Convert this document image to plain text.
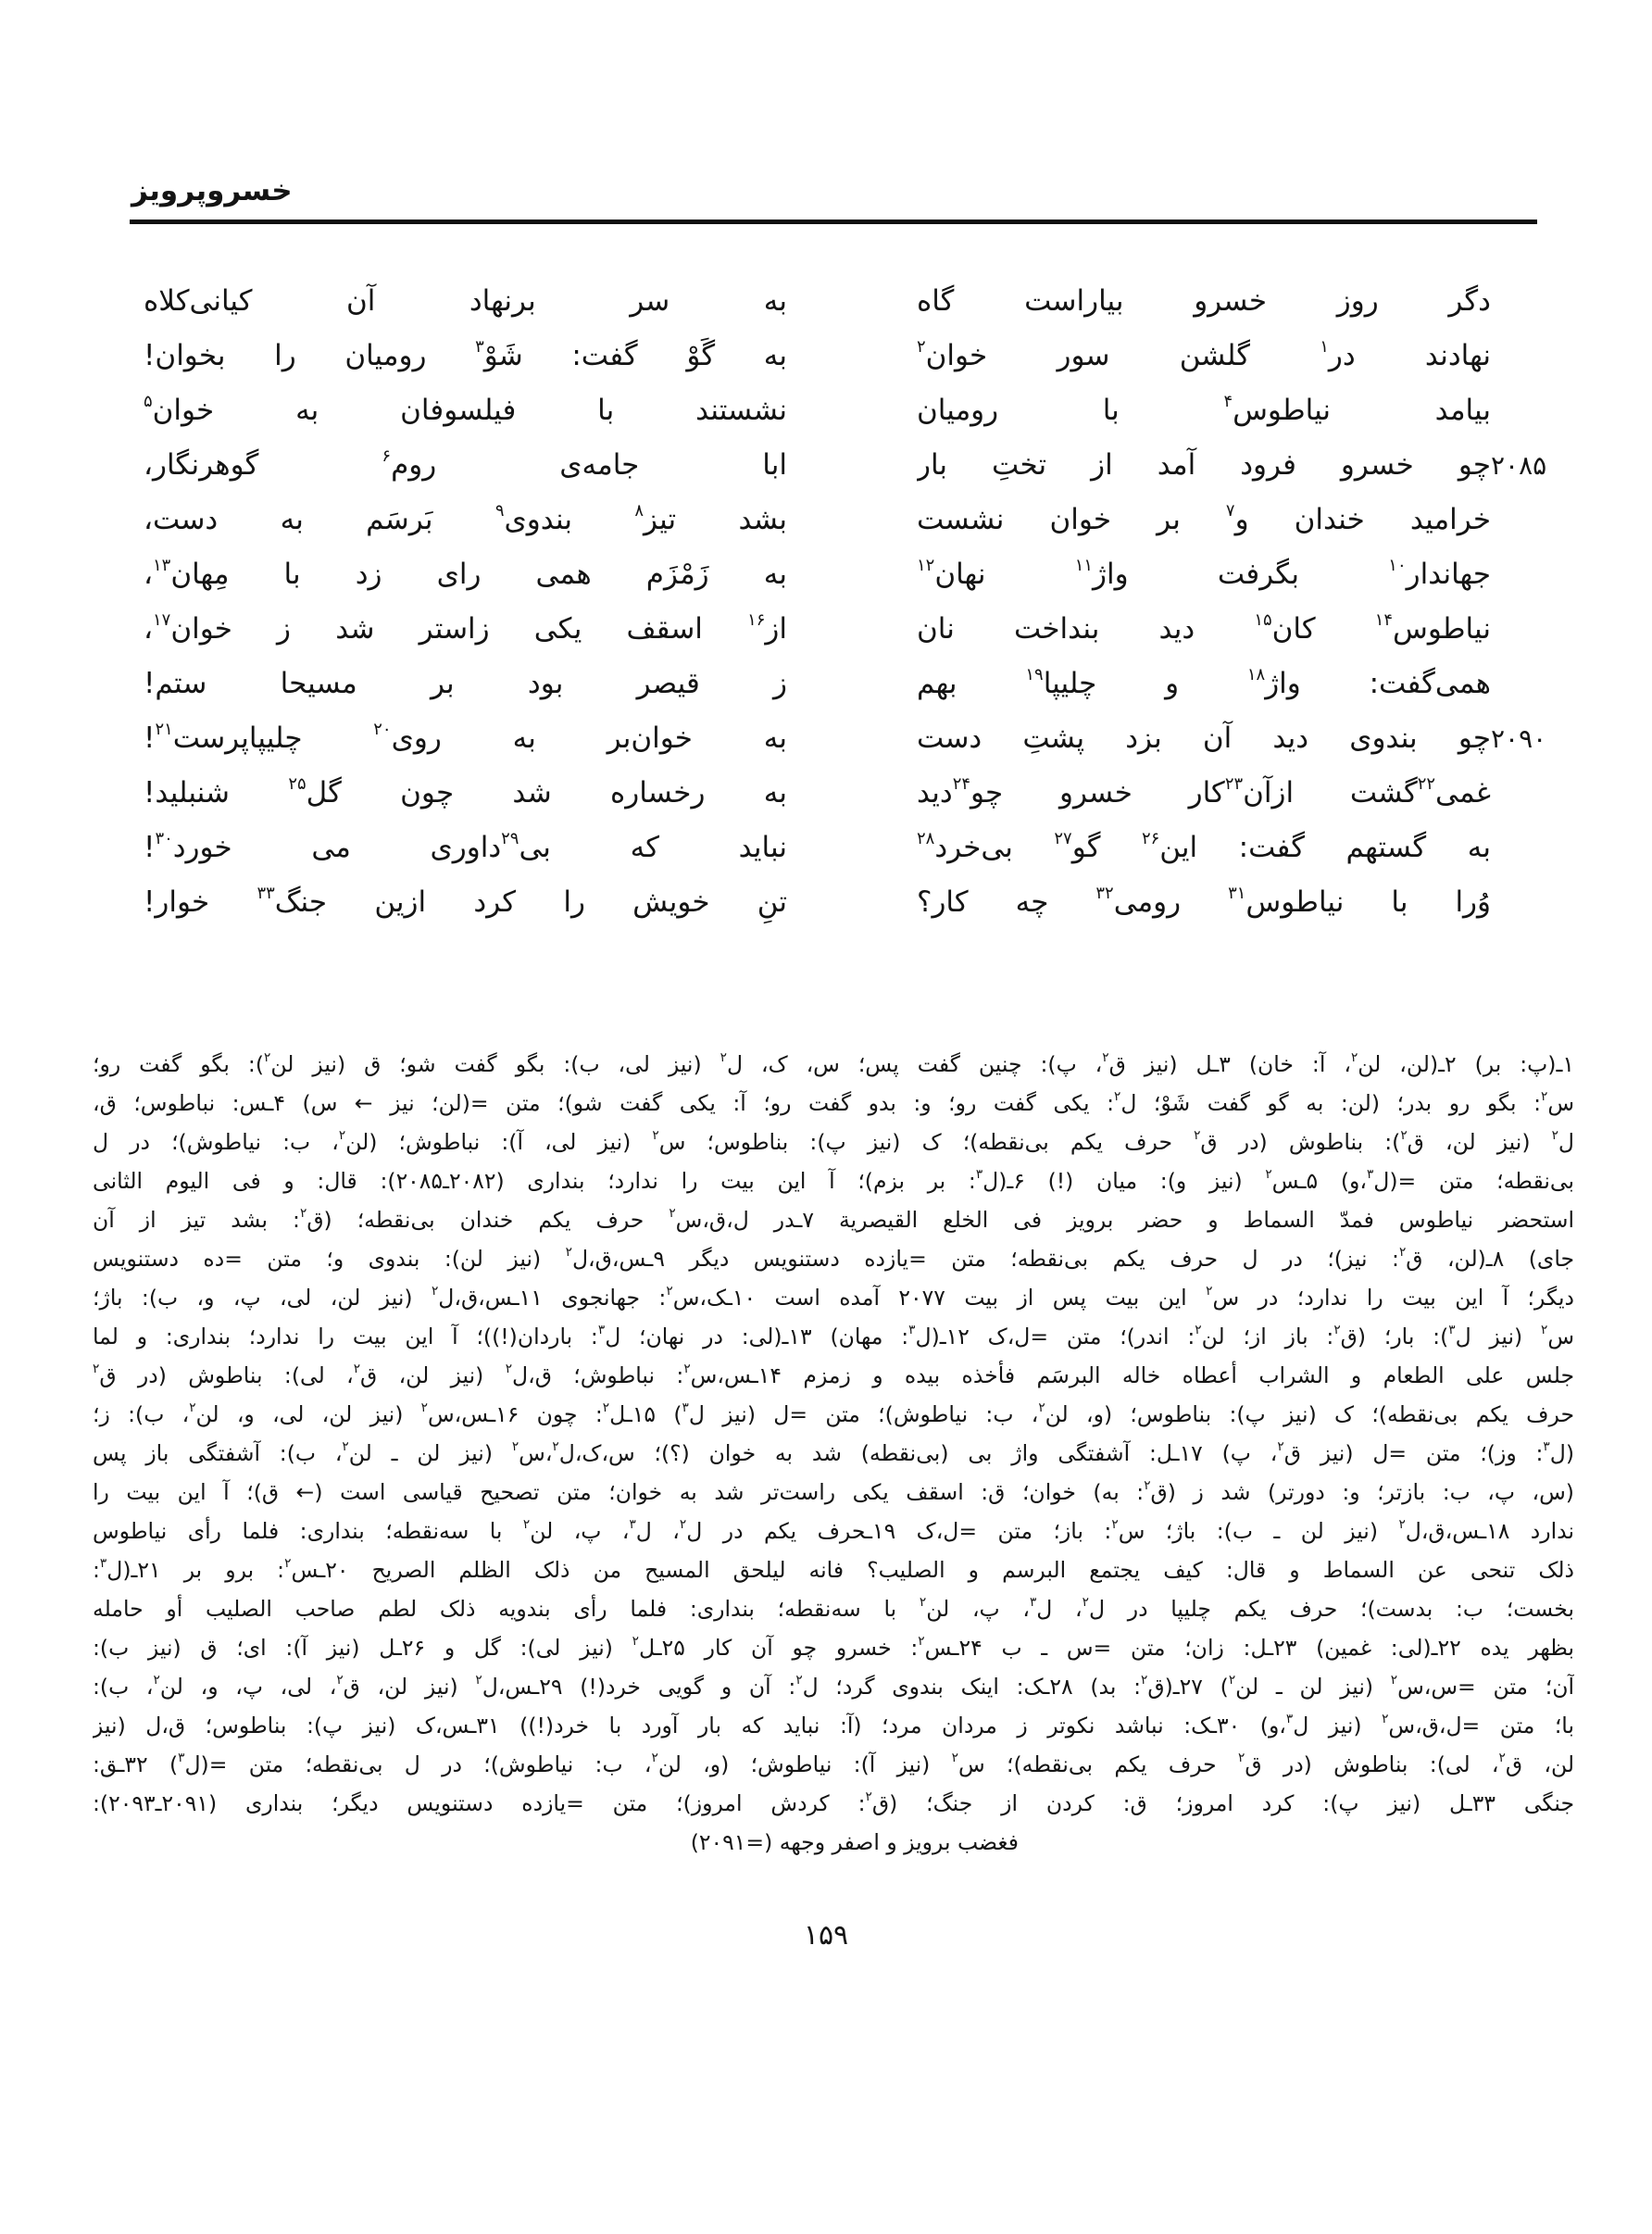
خسروپرویز
دگر روز خسرو بیاراست گاه
به سر برنهاد آن کیانی‌کلاه
نهادند در$^۱$ گلشن سور خوان$^۲$
به گَوْ گفت: شَوْ$^۳$ رومیان را بخوان!
بیامد نیاطوس$^۴$ با رومیان
نشستند با فیلسوفان به خوان$^۵$
۲۰۸۵
چو خسرو فرود آمد از تختِ بار
ابا جامه‌ی روم$^۶$ گوهرنگار،
خرامید خندان و$^۷$ بر خوان نشست
بشد تیز$^۸$ بندوی$^۹$ بَرسَم به دست،
جهاندار$^{۱۰}$ بگرفت واژ$^{۱۱}$ نهان$^{۱۲}$
به زَمْزَم همی رای زد با مِهان$^{۱۳}$،
نیاطوس$^{۱۴}$ کان$^{۱۵}$ دید بنداخت نان
از$^{۱۶}$ اسقف یکی زاستر شد ز خوان$^{۱۷}$،
همی‌گفت: واژ$^{۱۸}$ و چلیپا$^{۱۹}$ بهم
ز قیصر بود بر مسیحا ستم!
۲۰۹۰
چو بندوی دید آن بزد پشتِ دست
به خوان‌بر به روی$^{۲۰}$ چلیپاپرست$^{۲۱}$!
غمی$^{۲۲}$گشت ازآن$^{۲۳}$کار خسرو چو$^{۲۴}$دید
به رخساره شد چون گل$^{۲۵}$ شنبلید!
به گستهم گفت: این$^{۲۶}$ گو$^{۲۷}$ بی‌خرد$^{۲۸}$
نباید که بی$^{۲۹}$داوری می خورد$^{۳۰}$!
وُرا با نیاطوس$^{۳۱}$ رومی$^{۳۲}$ چه کار؟
تنِ خویش را کرد ازین جنگ$^{۳۳}$ خوار!
۱ـ(پ: بر) ۲ـ(لن، لن$^۲$، آ: خان) ۳ـل (نیز ق$^۲$، پ): چنین گفت پس؛ س، ک، ل$^۲$ (نیز لی، ب): بگو گفت شو؛ ق (نیز لن$^۲$): بگو گفت رو؛
س$^۲$: بگو رو بدر؛ (لن: به گو گفت شَوْ؛ ل$^۲$: یکی گفت رو؛ و: بدو گفت رو؛ آ: یکی گفت شو)؛ متن =(لن؛ نیز ← س) ۴ـس: نباطوس؛ ق،
ل$^۲$ (نیز لن، ق$^۲$): بناطوش (در ق$^۲$ حرف یکم بی‌نقطه)؛ ک (نیز پ): بناطوس؛ س$^۲$ (نیز لی، آ): نباطوش؛ (لن$^۲$، ب: نیاطوش)؛ در ل
بی‌نقطه؛ متن =(ل$^۳$،و) ۵ـس$^۲$ (نیز و): میان (!) ۶ـ(ل$^۳$: بر بزم)؛ آ این بیت را ندارد؛ بنداری (۲۰۸۲ـ۲۰۸۵): قال: و فی الیوم الثانی
استحضر نیاطوس فمدّ السماط و حضر برویز فی الخلع القیصریة ۷ـدر ل،ق،س$^۲$ حرف یکم خندان بی‌نقطه؛ (ق$^۲$: بشد تیز از آن
جای) ۸ـ(لن، ق$^۲$: نیز)؛ در ل حرف یکم بی‌نقطه؛ متن =یازده دستنویس دیگر ۹ـس،ق،ل$^۲$ (نیز لن): بندوی و؛ متن =ده دستنویس
دیگر؛ آ این بیت را ندارد؛ در س$^۲$ این بیت پس از بیت ۲۰۷۷ آمده است ۱۰ـک،س$^۲$: جهانجوی ۱۱ـس،ق،ل$^۲$ (نیز لن، لی، پ، و، ب): باژ؛
س$^۲$ (نیز ل$^۳$): بار؛ (ق$^۲$: باز از؛ لن$^۲$: اندر)؛ متن =ل،ک ۱۲ـ(ل$^۳$: مهان) ۱۳ـ(لی: در نهان؛ ل$^۳$: باردان(!))؛ آ این بیت را ندارد؛ بنداری: و لما
جلس علی الطعام و الشراب أعطاه خاله البرسَم فأخذه بیده و زمزم ۱۴ـس،س$^۲$: نباطوش؛ ق،ل$^۲$ (نیز لن، ق$^۲$، لی): بناطوش (در ق$^۲$
حرف یکم بی‌نقطه)؛ ک (نیز پ): بناطوس؛ (و، لن$^۲$، ب: نیاطوش)؛ متن =ل (نیز ل$^۳$) ۱۵ـل$^۲$: چون ۱۶ـس،س$^۲$ (نیز لن، لی، و، لن$^۲$، ب): ز؛
(ل$^۳$: وز)؛ متن =ل (نیز ق$^۲$، پ) ۱۷ـل: آشفتگی واژ بی (بی‌نقطه) شد به خوان (؟)؛ س،ک،ل$^۲$،س$^۲$ (نیز لن ـ لن$^۲$، ب): آشفتگی باز پس
(س، پ، ب: بازتر؛ و: دورتر) شد ز (ق$^۲$: به) خوان؛ ق: اسقف یکی راست‌تر شد به خوان؛ متن تصحیح قیاسی است (← ق)؛ آ این بیت را
ندارد ۱۸ـس،ق،ل$^۲$ (نیز لن ـ ب): باژ؛ س$^۲$: باز؛ متن =ل،ک ۱۹ـحرف یکم در ل$^۲$، ل$^۳$، پ، لن$^۲$ با سه‌نقطه؛ بنداری: فلما رأی نیاطوس
ذلک تنحی عن السماط و قال: کیف یجتمع البرسم و الصلیب؟ فانه لیلحق المسیح من ذلک الظلم الصریح ۲۰ـس$^۲$: برو بر ۲۱ـ(ل$^۳$:
بخست؛ ب: بدست)؛ حرف یکم چلیپا در ل$^۲$، ل$^۳$، پ، لن$^۲$ با سه‌نقطه؛ بنداری: فلما رأی بندویه ذلک لطم صاحب الصلیب أو حامله
بظهر یده ۲۲ـ(لی: غمین) ۲۳ـل: زان؛ متن =س ـ ب ۲۴ـس$^۲$: خسرو چو آن کار ۲۵ـل$^۲$ (نیز لی): گل و ۲۶ـل (نیز آ): ای؛ ق (نیز ب):
آن؛ متن =س،س$^۲$ (نیز لن ـ لن$^۲$) ۲۷ـ(ق$^۲$: بد) ۲۸ـک: اینک بندوی گرد؛ ل$^۲$: آن و گویی خرد(!) ۲۹ـس،ل$^۲$ (نیز لن، ق$^۲$، لی، پ، و، لن$^۲$، ب):
با؛ متن =ل،ق،س$^۲$ (نیز ل$^۳$،و) ۳۰ـک: نباشد نکوتر ز مردان مرد؛ (آ: نباید که بار آورد با خرد(!)) ۳۱ـس،ک (نیز پ): بناطوس؛ ق،ل (نیز
لن، ق$^۲$، لی): بناطوش (در ق$^۲$ حرف یکم بی‌نقطه)؛ س$^۲$ (نیز آ): نیاطوش؛ (و، لن$^۲$، ب: نیاطوش)؛ در ل بی‌نقطه؛ متن =(ل$^۳$) ۳۲ـق:
جنگی ۳۳ـل (نیز پ): کرد امروز؛ ق: کردن از جنگ؛ (ق$^۲$: کردش امروز)؛ متن =یازده دستنویس دیگر؛ بنداری (۲۰۹۱ـ۲۰۹۳):
فغضب برویز و اصفر وجهه (=۲۰۹۱)
۱۵۹
